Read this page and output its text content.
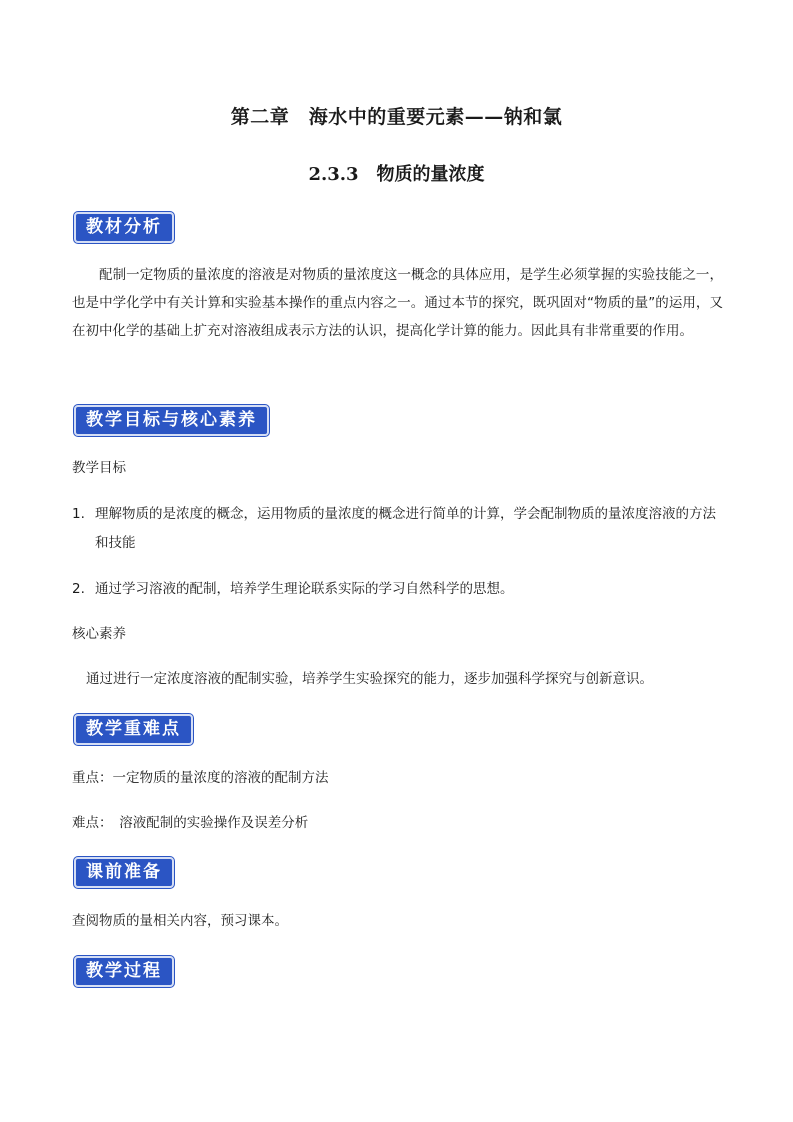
第二章　海水中的重要元素——钠和氯
2.3.3　物质的量浓度
教材分析
配制一定物质的量浓度的溶液是对物质的量浓度这一概念的具体应用，是学生必须掌握的实验技能之一，也是中学化学中有关计算和实验基本操作的重点内容之一。通过本节的探究，既巩固对“物质的量”的运用，又在初中化学的基础上扩充对溶液组成表示方法的认识，提高化学计算的能力。因此具有非常重要的作用。
教学目标与核心素养
教学目标
1. 理解物质的是浓度的概念，运用物质的量浓度的概念进行简单的计算，学会配制物质的量浓度溶液的方法和技能
2. 通过学习溶液的配制，培养学生理论联系实际的学习自然科学的思想。
核心素养
通过进行一定浓度溶液的配制实验，培养学生实验探究的能力，逐步加强科学探究与创新意识。
教学重难点
重点：一定物质的量浓度的溶液的配制方法
难点：　溶液配制的实验操作及误差分析
课前准备
查阅物质的量相关内容，预习课本。
教学过程
